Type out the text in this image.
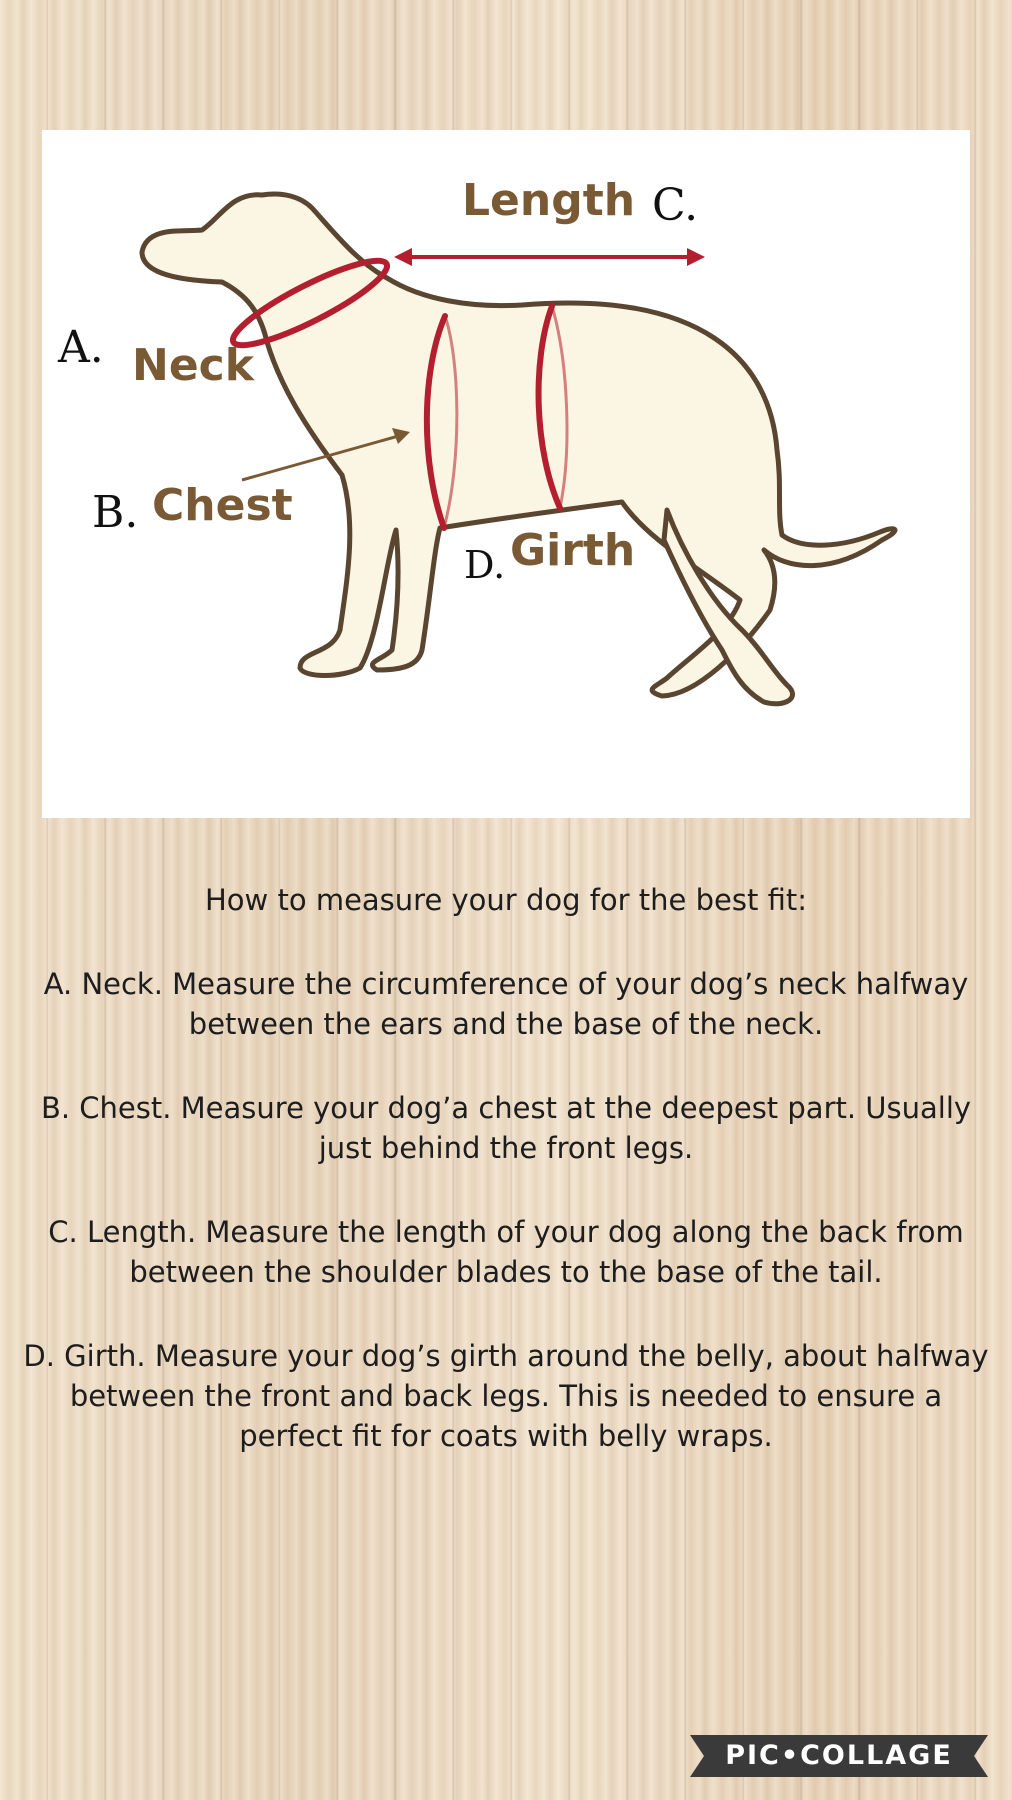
Length C.
A. Neck
B. Chest
D. Girth

How to measure your dog for the best fit:

A. Neck. Measure the circumference of your dog’s neck halfway between the ears and the base of the neck.

B. Chest. Measure your dog’a chest at the deepest part. Usually just behind the front legs.

C. Length. Measure the length of your dog along the back from between the shoulder blades to the base of the tail.

D. Girth. Measure your dog’s girth around the belly, about halfway between the front and back legs. This is needed to ensure a perfect fit for coats with belly wraps.

PIC•COLLAGE
